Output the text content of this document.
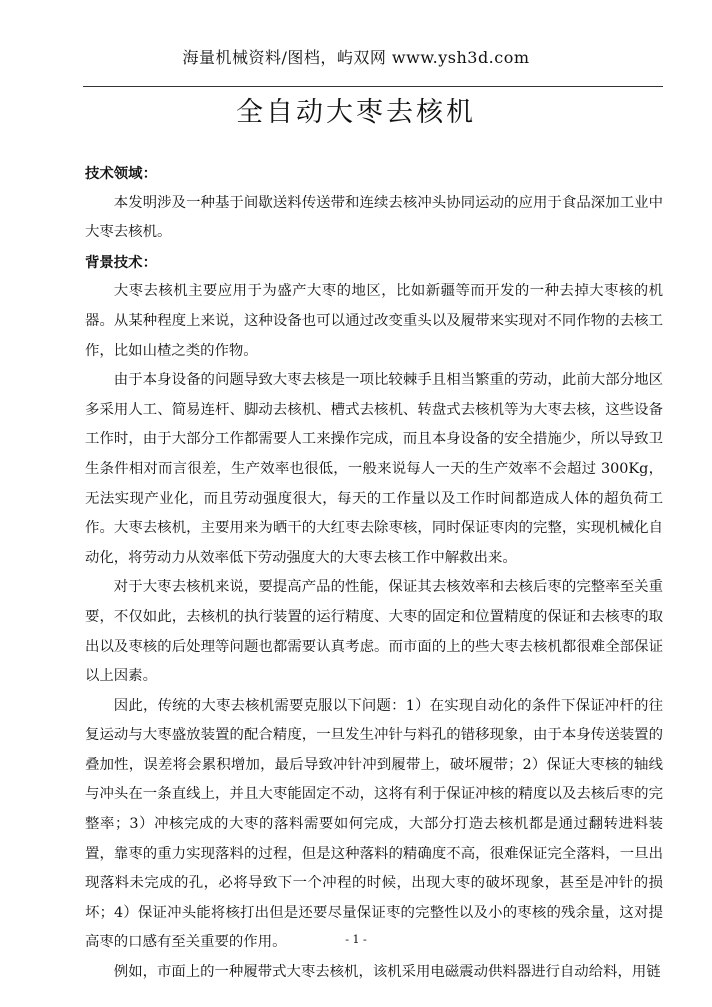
海量机械资料/图档，屿双网 www.ysh3d.com
全自动大枣去核机

技术领域：

本发明涉及一种基于间歇送料传送带和连续去核冲头协同运动的应用于食品深加工业中大枣去核机。

背景技术：

大枣去核机主要应用于为盛产大枣的地区，比如新疆等而开发的一种去掉大枣核的机器。从某种程度上来说，这种设备也可以通过改变重头以及履带来实现对不同作物的去核工作，比如山楂之类的作物。

由于本身设备的问题导致大枣去核是一项比较棘手且相当繁重的劳动，此前大部分地区多采用人工、简易连杆、脚动去核机、槽式去核机、转盘式去核机等为大枣去核，这些设备工作时，由于大部分工作都需要人工来操作完成，而且本身设备的安全措施少，所以导致卫生条件相对而言很差，生产效率也很低，一般来说每人一天的生产效率不会超过 300Kg，无法实现产业化，而且劳动强度很大，每天的工作量以及工作时间都造成人体的超负荷工作。大枣去核机，主要用来为晒干的大红枣去除枣核，同时保证枣肉的完整，实现机械化自动化，将劳动力从效率低下劳动强度大的大枣去核工作中解救出来。

对于大枣去核机来说，要提高产品的性能，保证其去核效率和去核后枣的完整率至关重要，不仅如此，去核机的执行装置的运行精度、大枣的固定和位置精度的保证和去核枣的取出以及枣核的后处理等问题也都需要认真考虑。而市面的上的些大枣去核机都很难全部保证以上因素。

因此，传统的大枣去核机需要克服以下问题：1）在实现自动化的条件下保证冲杆的往复运动与大枣盛放装置的配合精度，一旦发生冲针与料孔的错移现象，由于本身传送装置的叠加性，误差将会累积增加，最后导致冲针冲到履带上，破坏履带；2）保证大枣核的轴线与冲头在一条直线上，并且大枣能固定不动，这将有利于保证冲核的精度以及去核后枣的完整率；3）冲核完成的大枣的落料需要如何完成，大部分打造去核机都是通过翻转进料装置，靠枣的重力实现落料的过程，但是这种落料的精确度不高，很难保证完全落料，一旦出现落料未完成的孔，必将导致下一个冲程的时候，出现大枣的破坏现象，甚至是冲针的损坏；4）保证冲头能将核打出但是还要尽量保证枣的完整性以及小的枣核的残余量，这对提高枣的口感有至关重要的作用。

例如，市面上的一种履带式大枣去核机，该机采用电磁震动供料器进行自动给料，用链

- 1 -
